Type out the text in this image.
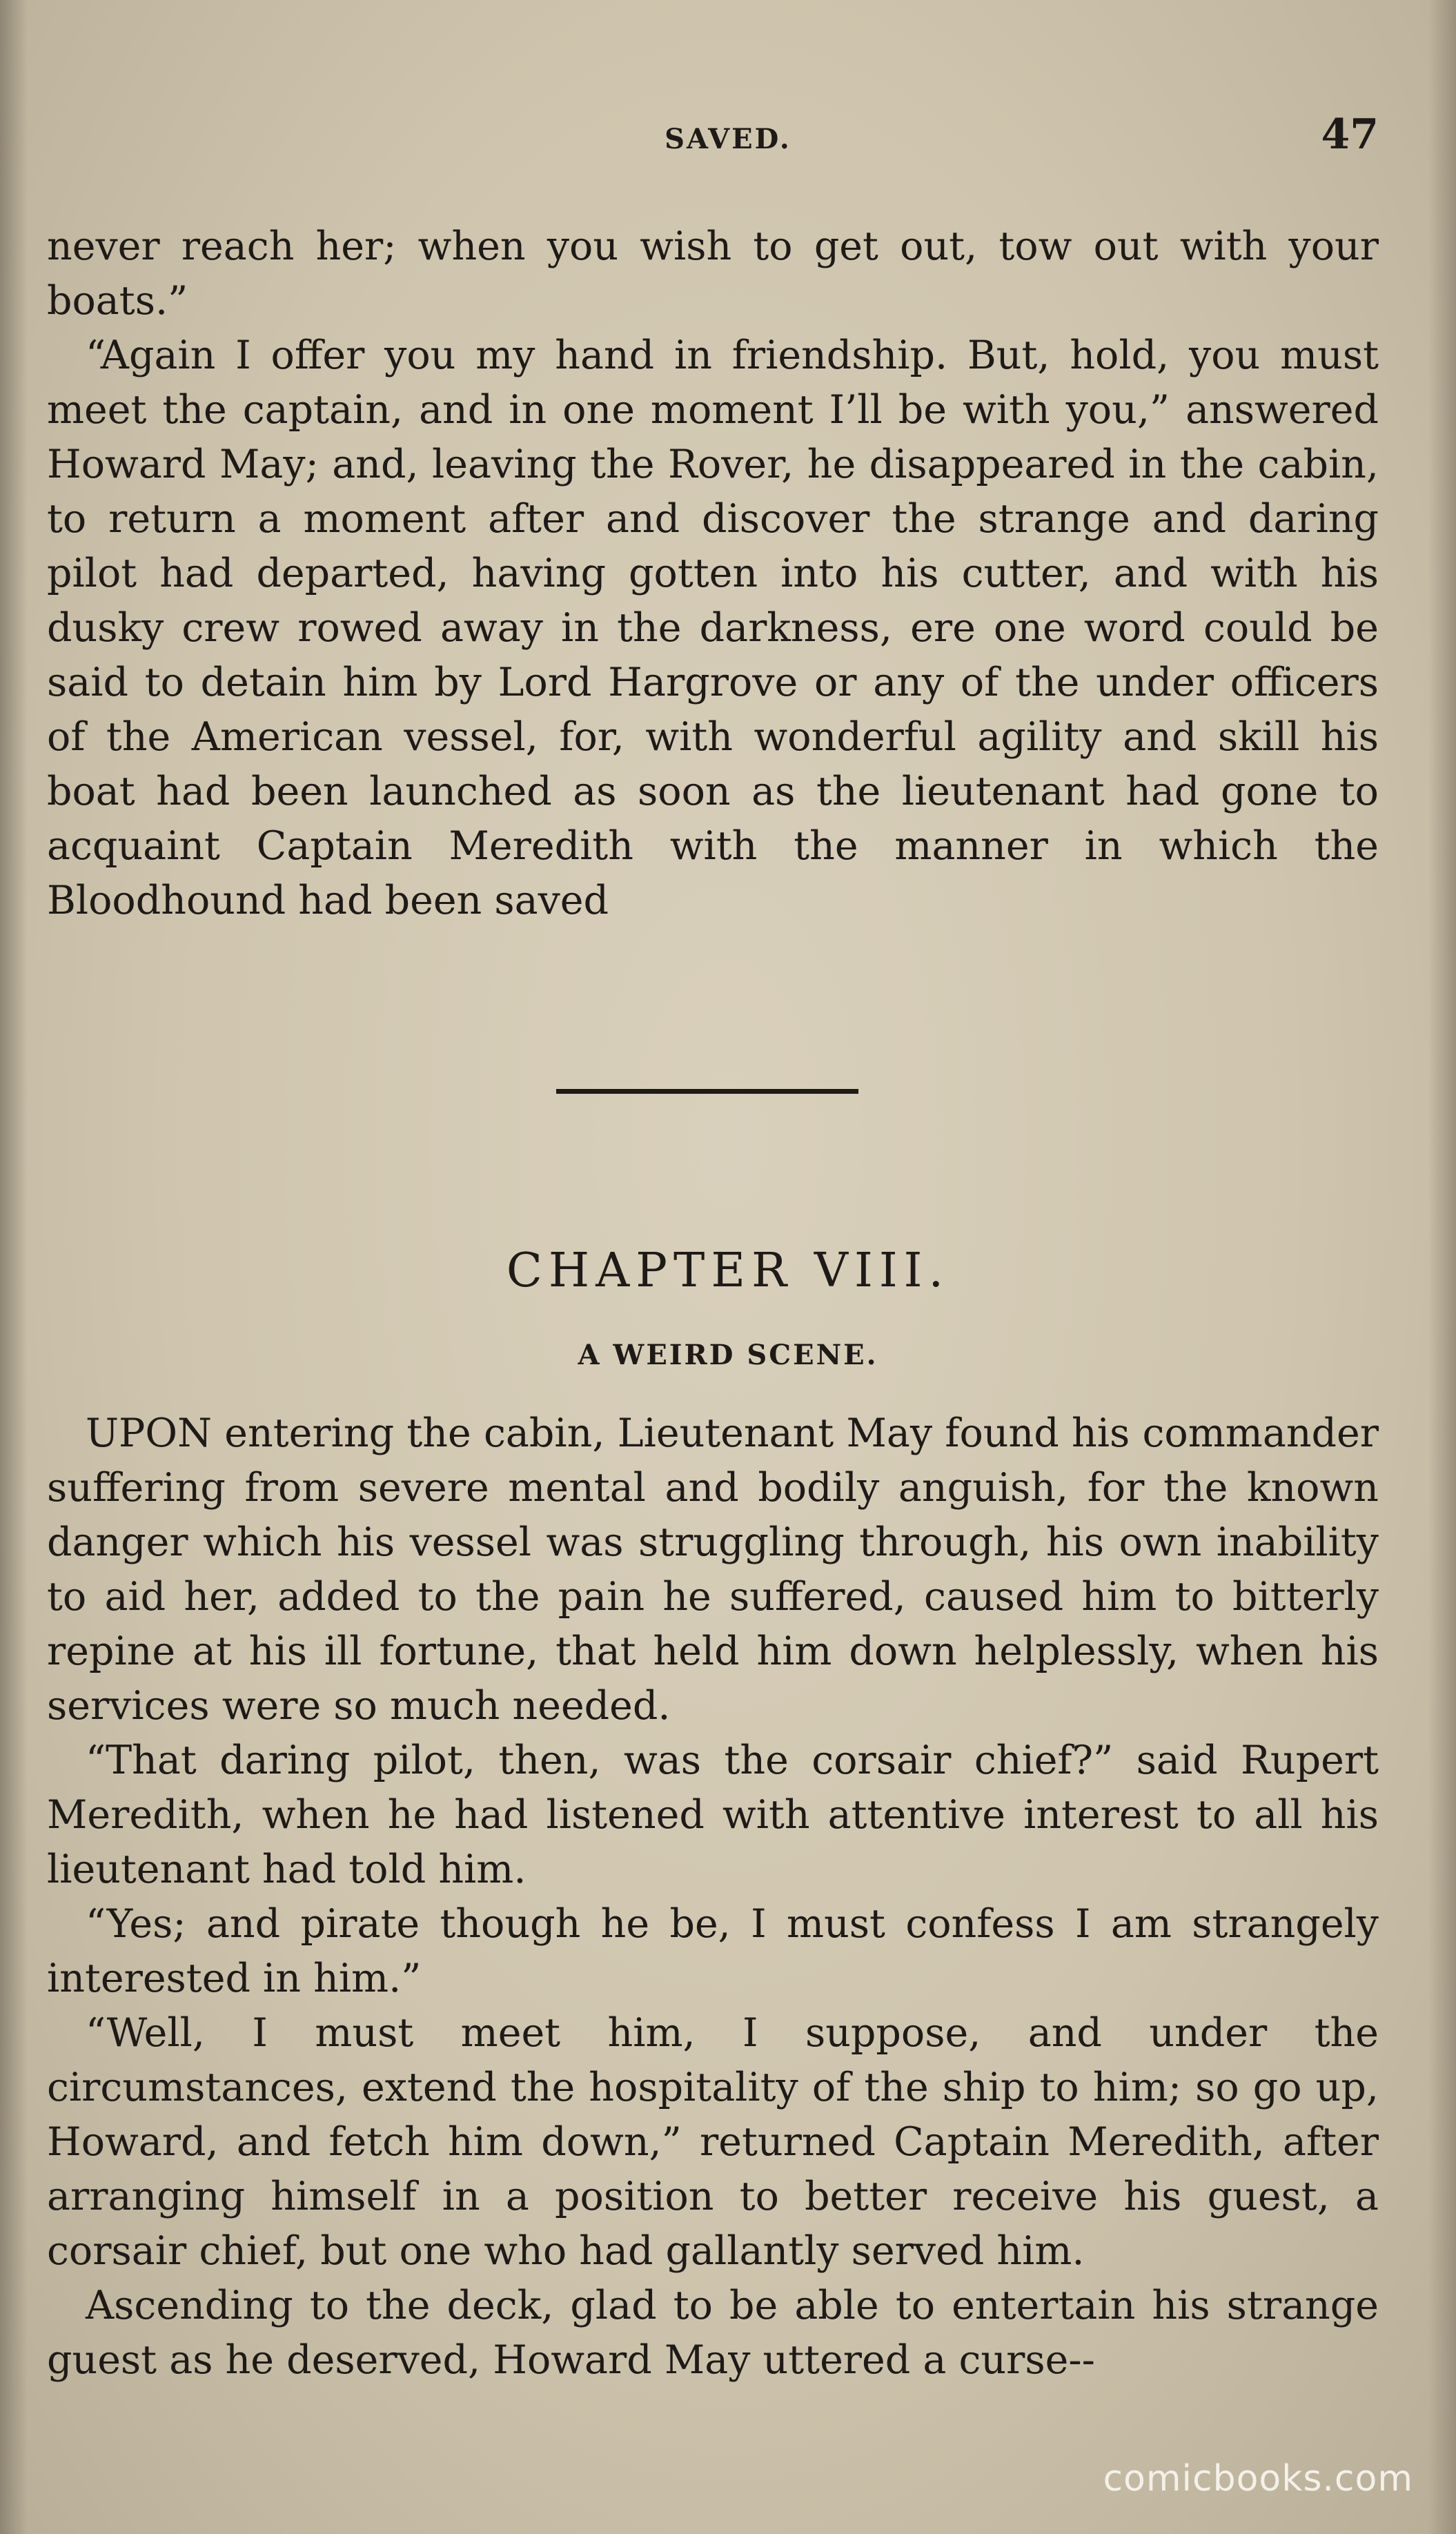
SAVED.	47

never reach her; when you wish to get out, tow out with your boats.”

“Again I offer you my hand in friendship. But, hold, you must meet the captain, and in one moment I’ll be with you,” answered Howard May; and, leaving the Rover, he disappeared in the cabin, to return a moment after and discover the strange and daring pilot had departed, having gotten into his cutter, and with his dusky crew rowed away in the darkness, ere one word could be said to detain him by Lord Hargrove or any of the under officers of the American vessel, for, with wonderful agility and skill his boat had been launched as soon as the lieutenant had gone to acquaint Captain Meredith with the manner in which the Bloodhound had been saved

CHAPTER VIII.
A WEIRD SCENE.

UPON entering the cabin, Lieutenant May found his commander suffering from severe mental and bodily anguish, for the known danger which his vessel was struggling through, his own inability to aid her, added to the pain he suffered, caused him to bitterly repine at his ill fortune, that held him down helplessly, when his services were so much needed.

“That daring pilot, then, was the corsair chief?” said Rupert Meredith, when he had listened with attentive interest to all his lieutenant had told him.

“Yes; and pirate though he be, I must confess I am strangely interested in him.”

“Well, I must meet him, I suppose, and under the circumstances, extend the hospitality of the ship to him; so go up, Howard, and fetch him down,” returned Captain Meredith, after arranging himself in a position to better receive his guest, a corsair chief, but one who had gallantly served him.

Ascending to the deck, glad to be able to entertain his strange guest as he deserved, Howard May uttered a curse--

comicbooks.com
